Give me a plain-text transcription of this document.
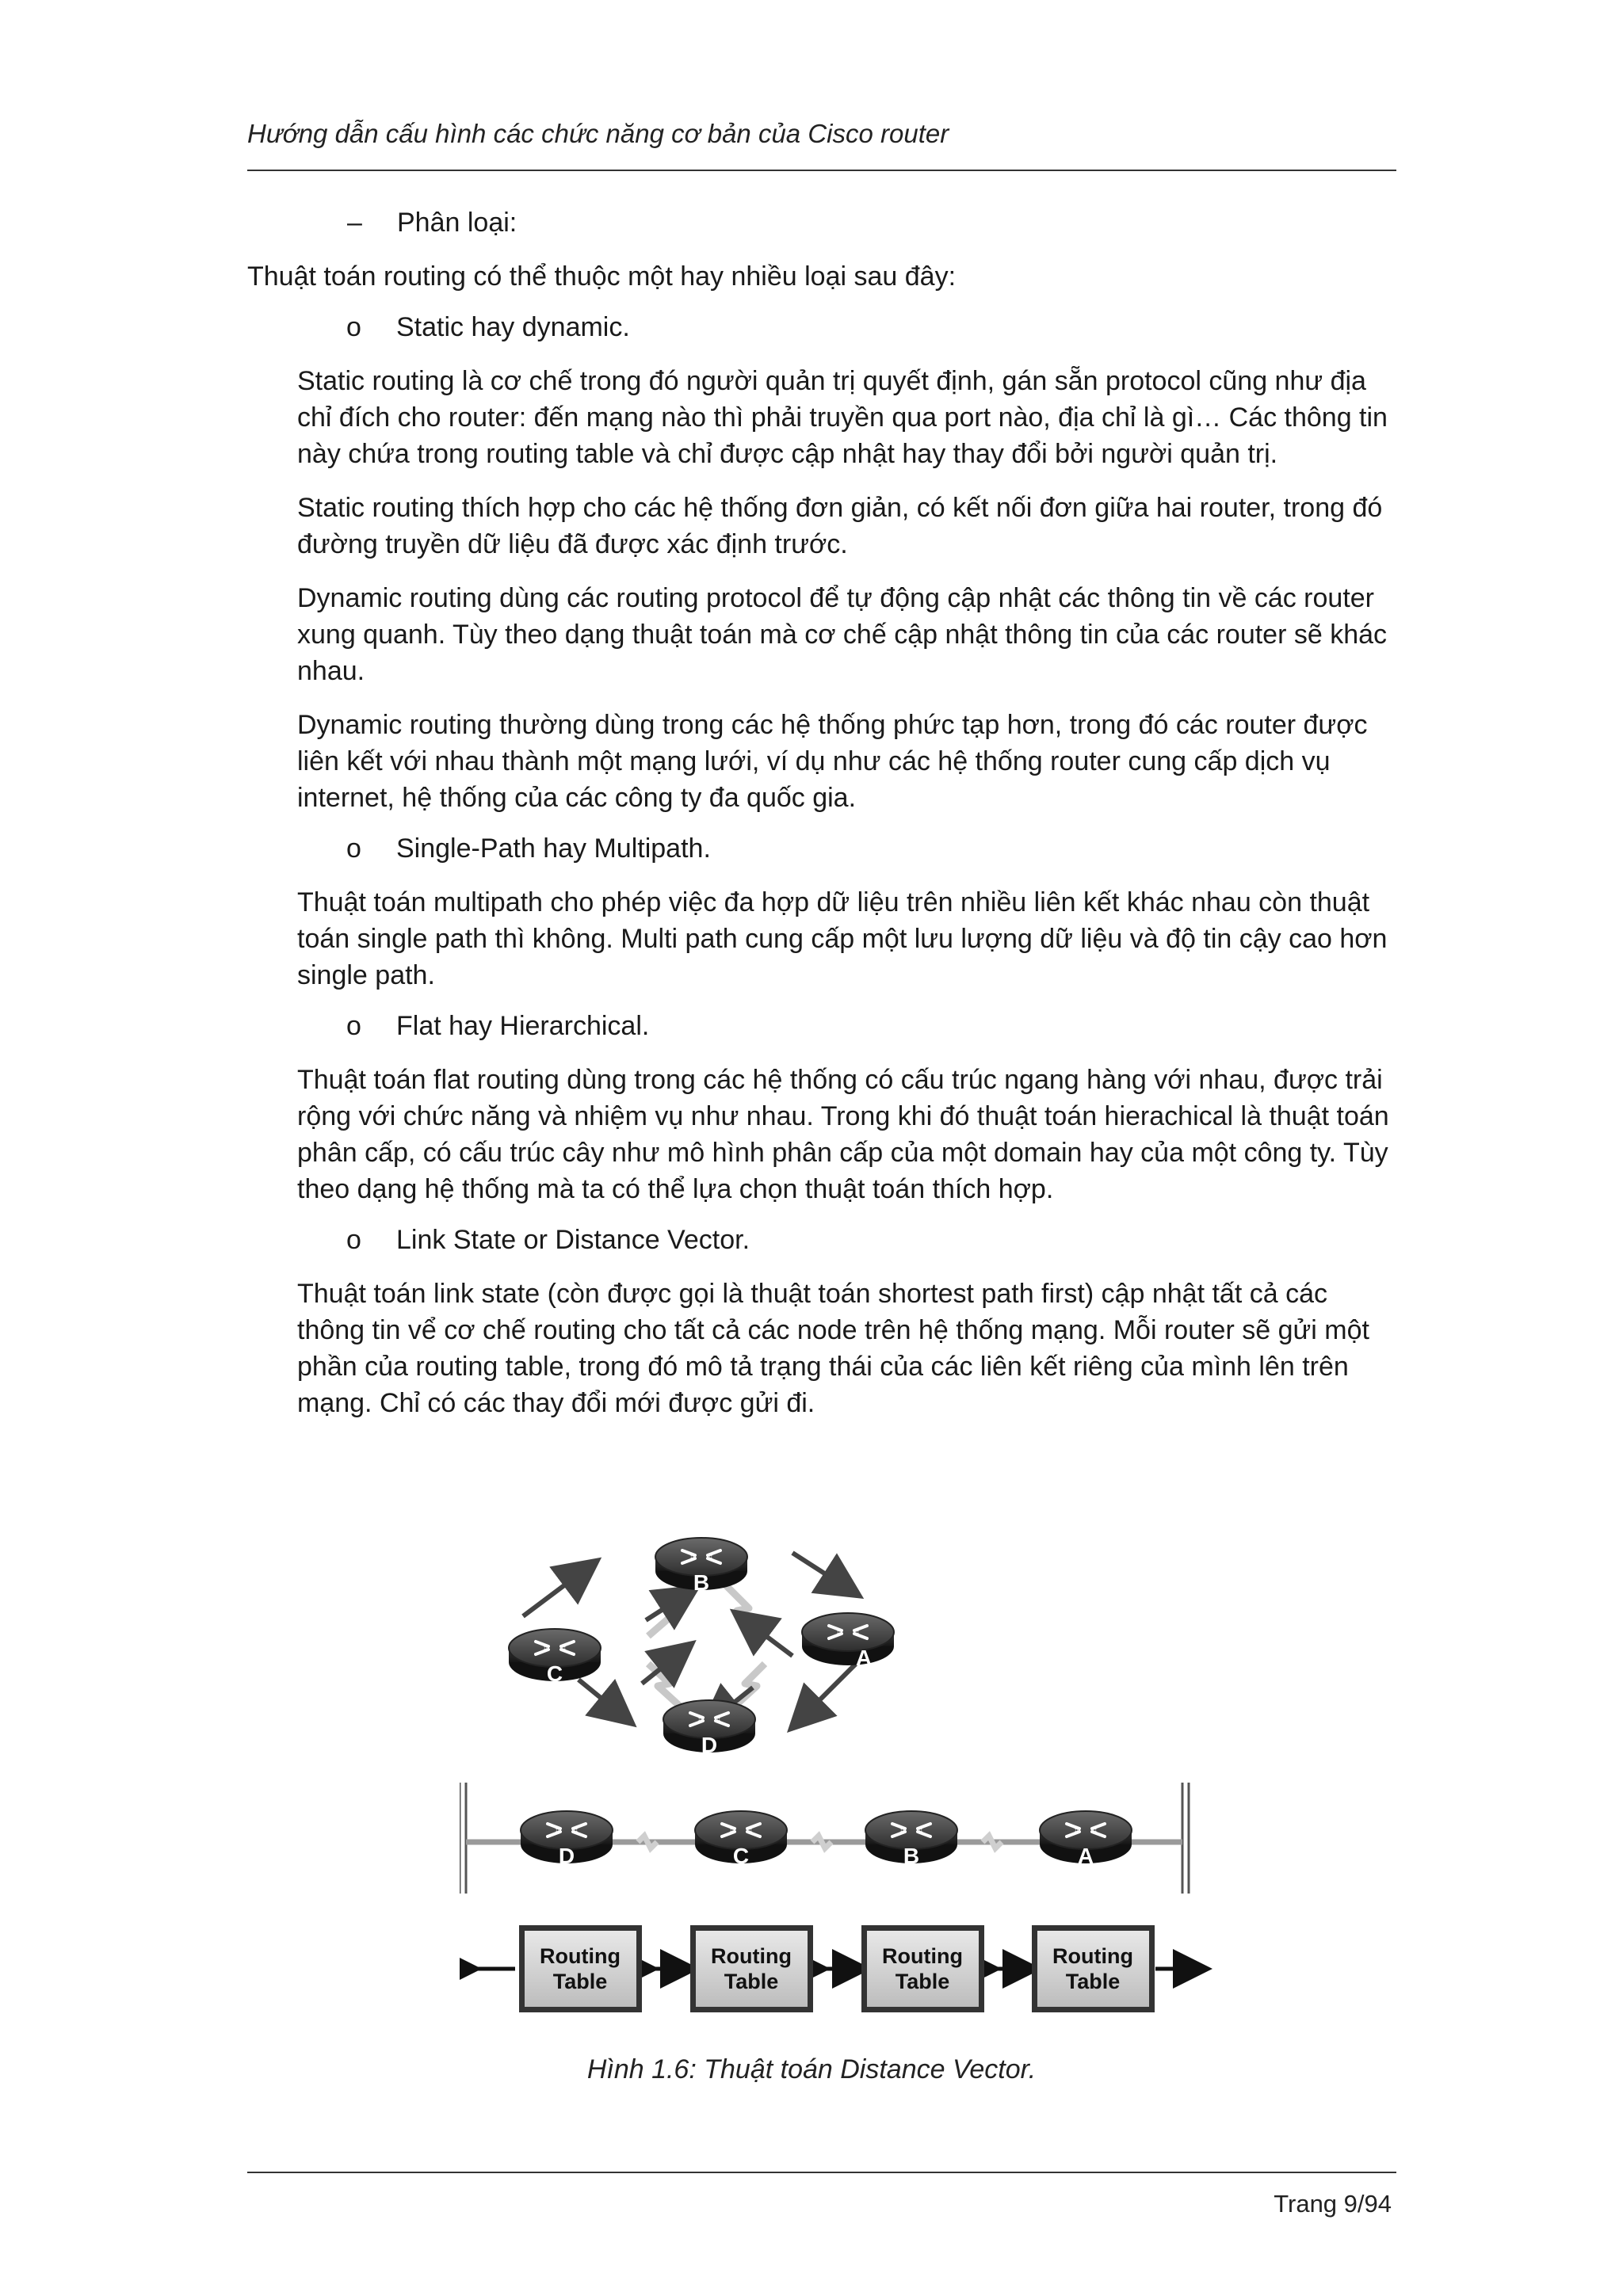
Hướng dẫn cấu hình các chức năng cơ bản của Cisco router
– Phân loại:

Thuật toán routing có thể thuộc một hay nhiều loại sau đây:

o Static hay dynamic.

Static routing là cơ chế trong đó người quản trị quyết định, gán sẵn protocol cũng như địa chỉ đích cho router: đến mạng nào thì phải truyền qua port nào, địa chỉ là gì… Các thông tin này chứa trong routing table và chỉ được cập nhật hay thay đổi bởi người quản trị.

Static routing thích hợp cho các hệ thống đơn giản, có kết nối đơn giữa hai router, trong đó đường truyền dữ liệu đã được xác định trước.

Dynamic routing dùng các routing protocol để tự động cập nhật các thông tin về các router xung quanh. Tùy theo dạng thuật toán mà cơ chế cập nhật thông tin của các router sẽ khác nhau.

Dynamic routing thường dùng trong các hệ thống phức tạp hơn, trong đó các router được liên kết với nhau thành một mạng lưới, ví dụ như các hệ thống router cung cấp dịch vụ internet, hệ thống của các công ty đa quốc gia.

o Single-Path hay Multipath.

Thuật toán multipath cho phép việc đa hợp dữ liệu trên nhiều liên kết khác nhau còn thuật toán single path thì không. Multi path cung cấp một lưu lượng dữ liệu và độ tin cậy cao hơn single path.

o Flat hay Hierarchical.

Thuật toán flat routing dùng trong các hệ thống có cấu trúc ngang hàng với nhau, được trải rộng với chức năng và nhiệm vụ như nhau. Trong khi đó thuật toán hierachical là thuật toán phân cấp, có cấu trúc cây như mô hình phân cấp của một domain hay của một công ty. Tùy theo dạng hệ thống mà ta có thể lựa chọn thuật toán thích hợp.

o Link State or Distance Vector.

Thuật toán link state (còn được gọi là thuật toán shortest path first) cập nhật tất cả các thông tin vể cơ chế routing cho tất cả các node trên hệ thống mạng. Mỗi router sẽ gửi một phần của routing table, trong đó mô tả trạng thái của các liên kết riêng của mình lên trên mạng. Chỉ có các thay đổi mới được gửi đi.

B
C
A
D
D	C	B	A
Routing
Table
Routing
Table
Routing
Table
Routing
Table
Hình 1.6: Thuật toán Distance Vector.
Trang 9/94
